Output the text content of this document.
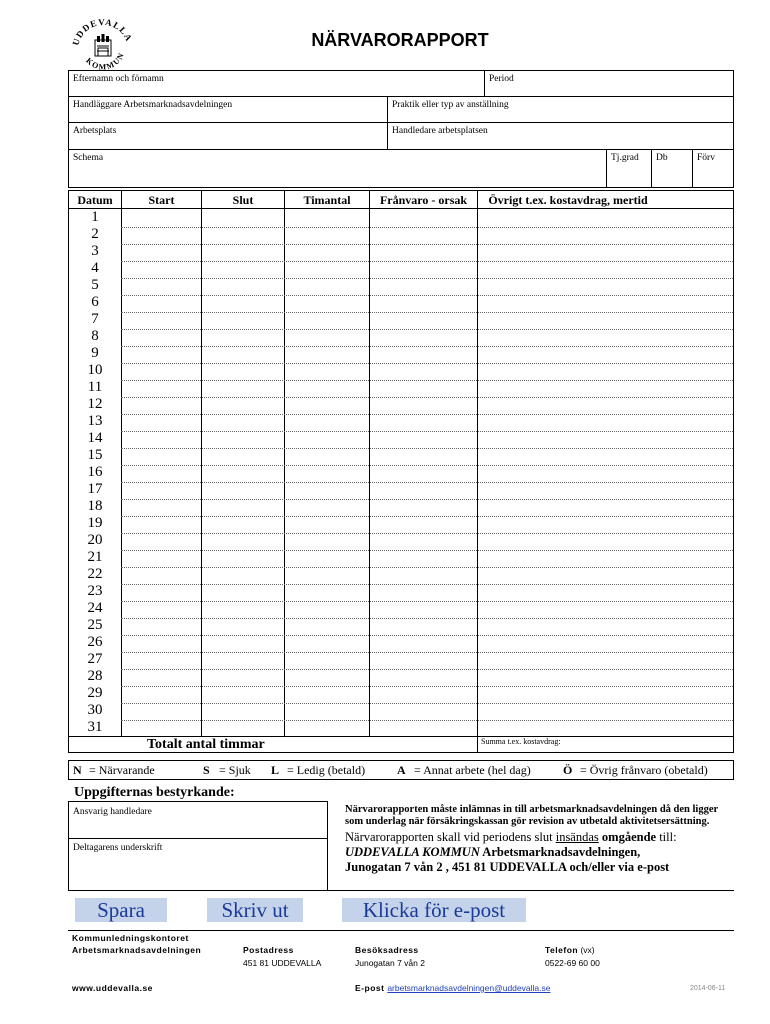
UDDEVALLA
KOMMUN
NÄRVARORAPPORT
Efternamn och förnamn	Period
Handläggare Arbetsmarknadsavdelningen	Praktik eller typ av anställning
Arbetsplats	Handledare arbetsplatsen
Schema	Tj.grad	Db	Förv
Datum	Start	Slut	Timantal	Frånvaro - orsak	Övrigt t.ex. kostavdrag, mertid
1
2
3
4
5
6
7
8
9
10
11
12
13
14
15
16
17
18
19
20
21
22
23
24
25
26
27
28
29
30
31
Totalt antal timmar	Summa t.ex. kostavdrag:
N = Närvarande	S = Sjuk L = Ledig (betald)	A = Annat arbete (hel dag)	Ö = Övrig frånvaro (obetald)
Uppgifternas bestyrkande:
Ansvarig handledare
Deltagarens underskrift
Närvarorapporten måste inlämnas in till arbetsmarknadsavdelningen då den ligger som underlag när försäkringskassan gör revision av utbetald aktivitetsersättning.
Närvarorapporten skall vid periodens slut insändas omgående till:
UDDEVALLA KOMMUN Arbetsmarknadsavdelningen,
Junogatan 7 vån 2 , 451 81 UDDEVALLA och/eller via e-post
Spara	Skriv ut	Klicka för e-post
Kommunledningskontoret
Arbetsmarknadsavdelningen	Postadress
451 81 UDDEVALLA
Besöksadress
Junogatan 7 vån 2
Telefon (vx)
0522-69 60 00
www.uddevalla.se	E-post arbetsmarknadsavdelningen@uddevalla.se	2014-06-11
